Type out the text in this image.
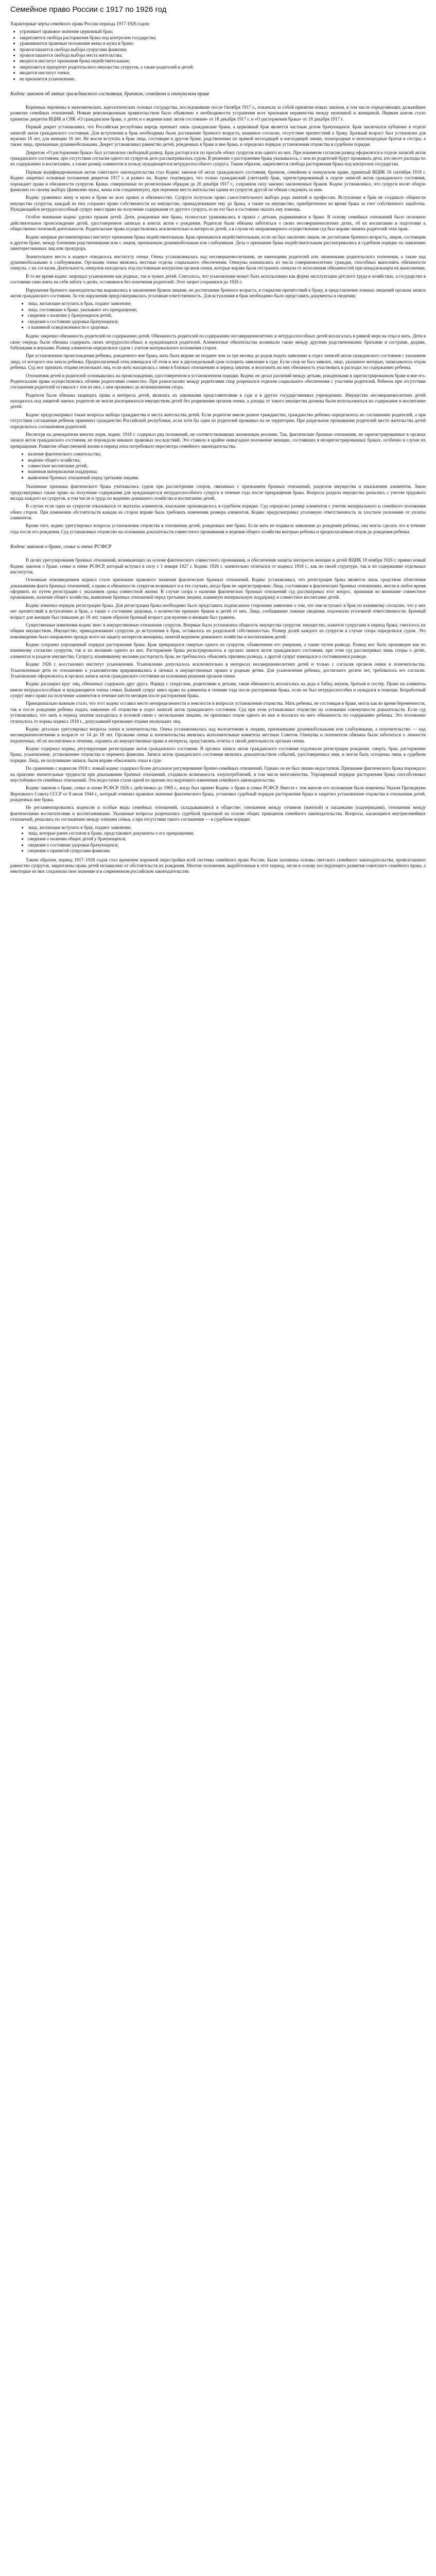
Семейное право России с 1917 по 1926 год
Характерные черты семейного права России периода 1917-1926 годов:
• утрачивает правовое значение церковный брак;
• закрепляется свобода расторжения брака под контролем государства;
• уравниваются правовые положения жены и мужа в браке;
• провозглашается свобода выбора супругами фамилии;
• провозглашается свобода выбора места жительства;
• вводится институт признания брака недействительным;
• закрепляется приоритет родительского имущества супругов, а также родителей и детей;
• вводится институт опеки;
• не признается усыновление.
Кодекс законов об актах гражданского состояния, брачном, семейном и опекунском праве

Коренные перемены в экономических, идеологических основах государства, последовавшие после Октября 1917 г., повлекли за собой принятие новых законов, в том числе определяющих дальнейшее развитие семейных отношений. Новым революционным правительством было объявлено о необходимости устранения всех признаков неравенства между мужчиной и женщиной. Первым шагом стало принятие декретов ВЦИК и СНК «О гражданском браке, о детях и о ведении книг актов состояния» от 18 декабря 1917 г. и «О расторжении брака» от 19 декабря 1917 г.

Первый декрет устанавливал, что Российская республика впредь признает лишь гражданские браки, а церковный брак является частным делом брачующихся. Брак заключался публично в отделе записей актов гражданского состояния. Для вступления в брак необходимы были достижение брачного возраста, взаимное согласие, отсутствие препятствий к браку. Брачный возраст был установлен для мужчин 18 лет, для женщин 16 лет. Не могли вступать в брак лица, состоящие в другом браке, родственники по прямой восходящей и нисходящей линии, полнородные и неполнородные братья и сестры, а также лица, признанные душевнобольными. Декрет устанавливал равенство детей, рожденных в браке и вне брака, и определял порядок установления отцовства в судебном порядке.

Декретом «О расторжении брака» был установлен свободный развод. Брак расторгался по просьбе обоих супругов или одного из них. При взаимном согласии развод оформлялся в отделе записей актов гражданского состояния, при отсутствии согласия одного из супругов дело рассматривалось судом. В решении о расторжении брака указывалось, с кем из родителей будут проживать дети, кто несет расходы по их содержанию и воспитанию, а также размер алиментов в пользу нуждающегося нетрудоспособного супруга. Таким образом, закрепляется свобода расторжения брака под контролем государства.

Первым кодифицированным актом советского законодательства стал Кодекс законов об актах гражданского состояния, брачном, семейном и опекунском праве, принятый ВЦИК 16 сентября 1918 г. Кодекс закрепил основные положения декретов 1917 г. и развил их. Кодекс подтвердил, что только гражданский (светский) брак, зарегистрированный в отделе записей актов гражданского состояния, порождает права и обязанности супругов. Браки, совершенные по религиозным обрядам до 20 декабря 1917 г., сохраняли силу законно заключенных браков. Кодекс устанавливал, что супруги носят общую фамилию по своему выбору (фамилию мужа, жены или соединенную), при перемене места жительства одним из супругов другой не обязан следовать за ним.

Кодекс уравнивал жену и мужа в браке во всех правах и обязанностях. Супруги получали право самостоятельного выбора рода занятий и профессии. Вступление в брак не создавало общности имущества супругов, каждый из них сохранял право собственности на имущество, принадлежавшее ему до брака, а также на имущество, приобретенное во время брака за счет собственного заработка. Нуждающийся нетрудоспособный супруг имел право на получение содержания от другого супруга, если тот был в состоянии оказать ему помощь.

Особое внимание кодекс уделял правам детей. Дети, рожденные вне брака, полностью уравнивались в правах с детьми, родившимися в браке. В основу семейных отношений было положено действительное происхождение детей, удостоверенное записью в книгах актов о рождении. Родители были обязаны заботиться о своих несовершеннолетних детях, об их воспитании и подготовке к общественно полезной деятельности. Родительские права осуществлялись исключительно в интересах детей, а в случае их неправомерного осуществления суд был вправе лишить родителей этих прав.

Кодекс впервые регламентировал институт признания брака недействительным. Брак признавался недействительным, если он был заключен лицом, не достигшим брачного возраста, лицом, состоящим в другом браке, между близкими родственниками или с лицом, признанным душевнобольным или слабоумным. Дела о признании брака недействительным рассматривались в судебном порядке по заявлению заинтересованных лиц или прокурора.

Значительное место в кодексе отводилось институту опеки. Опека устанавливалась над несовершеннолетними, не имеющими родителей или лишенными родительского попечения, а также над душевнобольными и слабоумными. Органами опеки являлись местные отделы социального обеспечения. Опекуны назначались из числа совершеннолетних граждан, способных выполнять обязанности опекуна, с их согласия. Деятельность опекунов находилась под постоянным контролем органов опеки, которые вправе были отстранить опекуна от исполнения обязанностей при ненадлежащем их выполнении.

В то же время кодекс запрещал усыновление как родных, так и чужих детей. Считалось, что усыновление может быть использовано как форма эксплуатации детского труда в хозяйствах, а государство в состоянии само взять на себя заботу о детях, оставшихся без попечения родителей. Этот запрет сохранялся до 1926 г.

Нарушения брачного законодательства выражались в заключении браков лицами, не достигшими брачного возраста, в сокрытии препятствий к браку, в представлении ложных сведений органам записи актов гражданского состояния. За эти нарушения предусматривалась уголовная ответственность. Для вступления в брак необходимо было представить документы и сведения:

• лица, желающие вступить в брак, подают заявление;
• лица, состоявшие в браке, указывают его прекращение;
• сведения о наличии у брачующихся детей;
• сведения о состоянии здоровья брачующихся;
• о взаимной осведомленности о здоровье.

Кодекс закрепил обязанность родителей по содержанию детей. Обязанность родителей по содержанию несовершеннолетних и нетрудоспособных детей возлагалась в равной мере на отца и мать. Дети в свою очередь были обязаны содержать своих нетрудоспособных и нуждающихся родителей. Алиментные обязательства возникали также между другими родственниками: братьями и сестрами, дедами, бабушками и внуками. Размер алиментов определялся судом с учетом материального положения сторон.

При установлении происхождения ребенка, рожденного вне брака, мать была вправе не позднее чем за три месяца до родов подать заявление в отдел записей актов гражданского состояния с указанием лица, от которого она зачала ребенка. Предполагаемый отец извещался об этом и мог в двухнедельный срок оспорить заявление в суде. Если спор не был заявлен, лицо, указанное матерью, записывалось отцом ребенка. Суд мог признать отцами нескольких лиц, если мать находилась с ними в близких отношениях в период зачатия, и возложить на них обязанность участвовать в расходах по содержанию ребенка.

Отношения детей и родителей основывались на происхождении, удостоверенном в установленном порядке. Кодекс не делал различий между детьми, рожденными в зарегистрированном браке и вне его. Родительские права осуществлялись обоими родителями совместно. При разногласиях между родителями спор разрешался отделом социального обеспечения с участием родителей. Ребенок при отсутствии соглашения родителей оставался с тем из них, с кем проживал до возникновения спора.

Родители были обязаны защищать права и интересы детей, являлись их законными представителями в суде и в других государственных учреждениях. Имущество несовершеннолетних детей находилось под защитой закона: родители не могли распоряжаться имуществом детей без разрешения органов опеки, а доходы от такого имущества должны были использоваться на содержание и воспитание детей.

Кодекс предусматривал также вопросы выбора гражданства и места жительства детей. Если родители имели разное гражданство, гражданство ребенка определялось по соглашению родителей, а при отсутствии соглашения ребенок принимал гражданство Российской республики, если хотя бы один из родителей проживал на ее территории. При раздельном проживании родителей место жительства детей определялось соглашением родителей.

Несмотря на демократизм многих норм, кодекс 1918 г. содержал ряд положений, не соответствовавших жизненным реалиям. Так, фактические брачные отношения, не зарегистрированные в органах записи актов гражданского состояния, не порождали никаких правовых последствий. Это ставило в крайне невыгодное положение женщин, состоявших в незарегистрированных браках, особенно в случае их прекращения. Развитие общественной жизни в период нэпа потребовало пересмотра семейного законодательства.

• наличие фактического сожительства;
• ведение общего хозяйства;
• совместное воспитание детей;
• взаимная материальная поддержка;
• выявление брачных отношений перед третьими лицами.

Указанные признаки фактического брака учитывались судом при рассмотрении споров, связанных с признанием брачных отношений, разделом имущества и взысканием алиментов. Закон предусматривал также право на получение содержания для нуждающегося нетрудоспособного супруга в течение года после прекращения брака. Вопросы раздела имущества решались с учетом трудового вклада каждого из супругов, в том числе и труда по ведению домашнего хозяйства и воспитанию детей.

В случае если один из супругов отказывался от выплаты алиментов, взыскание производилось в судебном порядке. Суд определял размер алиментов с учетом материального и семейного положения обеих сторон. При изменении обстоятельств каждая из сторон вправе была требовать изменения размера алиментов. Кодекс предусматривал уголовную ответственность за злостное уклонение от уплаты алиментов.

Кроме того, кодекс урегулировал вопросы установления отцовства в отношении детей, рожденных вне брака. Если мать не подавала заявления до рождения ребенка, она могла сделать это в течение года после его рождения. Суд устанавливал отцовство на основании доказательств совместного проживания и ведения общего хозяйства матерью ребенка и предполагаемым отцом до рождения ребенка.

Кодекс законов о браке, семье и опеке РСФСР

В целях урегулирования брачных отношений, возникающих на основе фактического совместного проживания, и обеспечения защиты интересов женщин и детей ВЦИК 19 ноября 1926 г. принял новый Кодекс законов о браке, семье и опеке РСФСР, который вступил в силу с 1 января 1927 г. Кодекс 1926 г. значительно отличался от кодекса 1918 г., как по своей структуре, так и по содержанию отдельных институтов.

Основным нововведением кодекса стало признание правового значения фактических брачных отношений. Кодекс устанавливал, что регистрация брака является лишь средством облегчения доказывания факта брачных отношений, а права и обязанности супругов возникают и в тех случаях, когда брак не зарегистрирован. Лица, состоявшие в фактических брачных отношениях, могли в любое время оформить их путем регистрации с указанием срока совместной жизни. В случае спора о наличии фактических брачных отношений суд рассматривал этот вопрос, принимая во внимание совместное проживание, наличие общего хозяйства, выявление брачных отношений перед третьими лицами, взаимную материальную поддержку и совместное воспитание детей.

Кодекс изменил порядок регистрации брака. Для регистрации брака необходимо было представить подписанное сторонами заявление о том, что они вступают в брак по взаимному согласию, что у них нет препятствий к вступлению в брак, а также о состоянии здоровья, о количестве прежних браков и детей от них. Лица, сообщившие ложные сведения, подлежали уголовной ответственности. Брачный возраст для женщин был повышен до 18 лет, таким образом брачный возраст для мужчин и женщин был уравнен.

Существенные изменения кодекс внес в имущественные отношения супругов. Впервые была установлена общность имущества супругов: имущество, нажитое супругами в период брака, считалось их общим имуществом. Имущество, принадлежавшее супругам до вступления в брак, оставалось их раздельной собственностью. Размер долей каждого из супругов в случае спора определялся судом. Это нововведение было направлено прежде всего на защиту интересов женщины, занятой ведением домашнего хозяйства и воспитанием детей.

Кодекс сохранял упрощенный порядок расторжения брака. Брак прекращался смертью одного из супругов, объявлением его умершим, а также путем развода. Развод мог быть произведен как по взаимному согласию супругов, так и по желанию одного из них. Расторжение брака регистрировалось в органах записи актов гражданского состояния, при этом суд рассматривал лишь споры о детях, алиментах и разделе имущества. Супругу, изъявившему желание расторгнуть брак, не требовалось объяснять причины развода, а другой супруг извещался о состоявшемся разводе.

Кодекс 1926 г. восстановил институт усыновления. Усыновление допускалось исключительно в интересах несовершеннолетних детей и только с согласия органов опеки и попечительства. Усыновленные дети по отношению к усыновителям приравнивались в личных и имущественных правах к родным детям. Для усыновления ребенка, достигшего десяти лет, требовалось его согласие. Усыновление оформлялось в органах записи актов гражданского состояния на основании решения органов опеки.

Кодекс расширил круг лиц, обязанных содержать друг друга. Наряду с супругами, родителями и детьми, такая обязанность возлагалась на деда и бабку, внуков, братьев и сестер. Право на алименты имели нетрудоспособные и нуждающиеся члены семьи. Бывший супруг имел право на алименты в течение года после расторжения брака, если он был нетрудоспособен и нуждался в помощи. Безработный супруг имел право на получение алиментов в течение шести месяцев после расторжения брака.

Принципиально важным стало, что этот кодекс оставил место неопределенности и неясности в вопросах установления отцовства. Мать ребенка, не состоящая в браке, могла как во время беременности, так и после рождения ребенка подать заявление об отцовстве в отдел записей актов гражданского состояния. Суд при этом устанавливал отцовство на основании совокупности доказательств. Если суд устанавливал, что мать в период зачатия находилась в половой связи с несколькими лицами, он признавал отцом одного из них и возлагал на него обязанность по содержанию ребенка. Это положение отличалось от нормы кодекса 1918 г., допускавшей признание отцами нескольких лиц.

Кодекс детально урегулировал вопросы опеки и попечительства. Опека устанавливалась над малолетними и лицами, признанными душевнобольными или слабоумными, а попечительство — над несовершеннолетними в возрасте от 14 до 18 лет. Органами опеки и попечительства являлись исполнительные комитеты местных Советов. Опекуны и попечители обязаны были заботиться о личности подопечных, об их воспитании и лечении, охранять их имущественные права и интересы, представлять отчеты о своей деятельности органам опеки.

Кодекс содержал нормы, регулирующие регистрацию актов гражданского состояния. В органах записи актов гражданского состояния подлежали регистрации рождение, смерть, брак, расторжение брака, усыновление, установление отцовства и перемена фамилии. Записи актов гражданского состояния являлись доказательством событий, удостоверенных ими, и могли быть оспорены лишь в судебном порядке. Лица, не получившие записи, были вправе обжаловать отказ в суде.

По сравнению с кодексом 1918 г. новый кодекс содержал более детальное регулирование брачно-семейных отношений. Однако он не был лишен недостатков. Признание фактического брака порождало на практике значительные трудности при доказывании брачных отношений, создавало возможность злоупотреблений, в том числе многоженства. Упрощенный порядок расторжения брака способствовал неустойчивости семейных отношений. Эти недостатки стали одной из причин последующего изменения семейного законодательства.

Кодекс законов о браке, семье и опеке РСФСР 1926 г. действовал до 1969 г., когда был принят Кодекс о браке и семье РСФСР. Вместе с тем многие его положения были изменены Указом Президиума Верховного Совета СССР от 8 июля 1944 г., который отменил правовое значение фактического брака, установил судебный порядок расторжения брака и запретил установление отцовства в отношении детей, рожденных вне брака.

Не регламентировались кодексом и особые виды семейных отношений, складывавшиеся в обществе: отношения между отчимом (мачехой) и пасынками (падчерицами), отношения между фактическими воспитателями и воспитанниками. Указанные вопросы разрешались судебной практикой на основе общих принципов семейного законодательства. Вопросы, касающиеся внутрисемейных отношений, решались по соглашению между членами семьи, а при отсутствии такого соглашения — в судебном порядке.

• лица, желающие вступить в брак, подают заявление;
• лица, которые ранее состояли в браке, представляют документы о его прекращении;
• сведения о наличии общих детей у брачующихся;
• сведения о состоянии здоровья брачующихся;
• сведения о принятой супругами фамилии.

Таким образом, период 1917–1926 годов стал временем коренной перестройки всей системы семейного права России. Были заложены основы светского семейного законодательства, провозглашено равенство супругов, закреплены права детей независимо от обстоятельств их рождения. Многие положения, выработанные в этот период, легли в основу последующего развития советского семейного права, а некоторые из них сохранили свое значение и в современном российском законодательстве.
